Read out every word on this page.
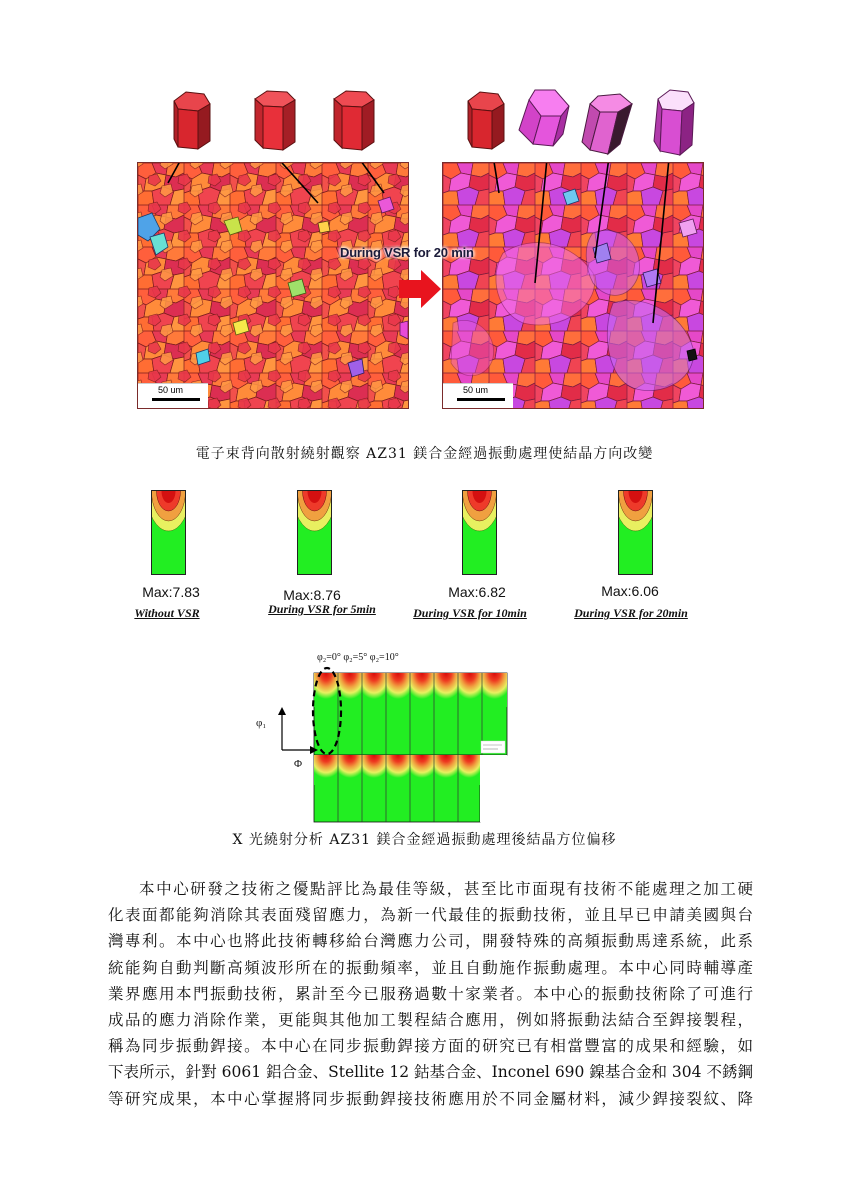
50 um	50 um
During VSR for 20 min
電子束背向散射繞射觀察 AZ31 鎂合金經過振動處理使結晶方向改變
Max:7.83
Without VSR
Max:8.76
During VSR for 5min
Max:6.82
During VSR for 10min
Max:6.06
During VSR for 20min
φ₂=0° φ₂=5° φ₂=10°
φ₁
Φ
X 光繞射分析 AZ31 鎂合金經過振動處理後結晶方位偏移
本中心研發之技術之優點評比為最佳等級，甚至比市面現有技術不能處理之加工硬
化表面都能夠消除其表面殘留應力，為新一代最佳的振動技術，並且早已申請美國與台
灣專利。本中心也將此技術轉移給台灣應力公司，開發特殊的高頻振動馬達系統，此系
統能夠自動判斷高頻波形所在的振動頻率，並且自動施作振動處理。本中心同時輔導產
業界應用本門振動技術，累計至今已服務過數十家業者。本中心的振動技術除了可進行
成品的應力消除作業，更能與其他加工製程結合應用，例如將振動法結合至銲接製程，
稱為同步振動銲接。本中心在同步振動銲接方面的研究已有相當豐富的成果和經驗，如
下表所示，針對 6061 鋁合金、Stellite 12 鈷基合金、Inconel 690 鎳基合金和 304 不銹鋼
等研究成果，本中心掌握將同步振動銲接技術應用於不同金屬材料，減少銲接裂紋、降
